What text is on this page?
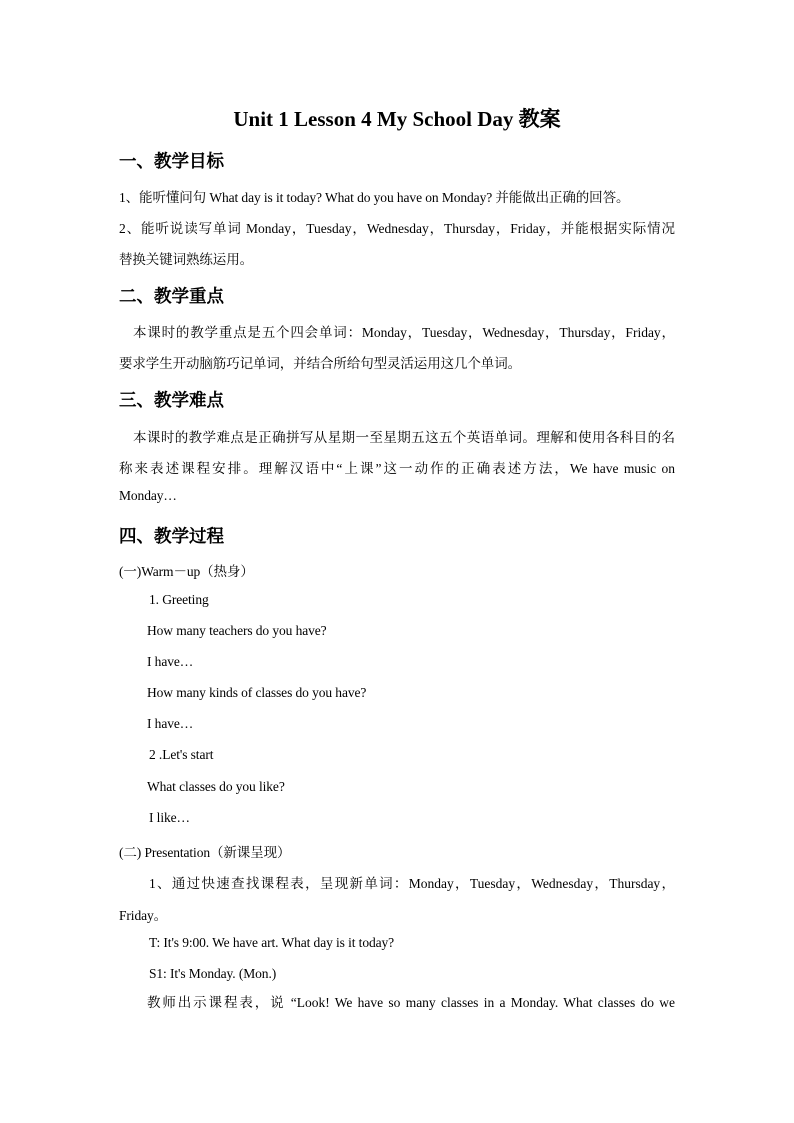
Unit 1 Lesson 4 My School Day 教案
一、教学目标
1、能听懂问句 What day is it today? What do you have on Monday? 并能做出正确的回答。
2、能听说读写单词 Monday，Tuesday，Wednesday，Thursday，Friday，并能根据实际情况
替换关键词熟练运用。
二、教学重点
本课时的教学重点是五个四会单词：Monday，Tuesday，Wednesday，Thursday，Friday，
要求学生开动脑筋巧记单词，并结合所给句型灵活运用这几个单词。
三、教学难点
本课时的教学难点是正确拼写从星期一至星期五这五个英语单词。理解和使用各科目的名
称来表述课程安排。理解汉语中“上课”这一动作的正确表述方法，We have music on
Monday…
四、教学过程
(一)Warm－up（热身）
1. Greeting
How many teachers do you have?
I have…
How many kinds of classes do you have?
I have…
2 .Let's start
What classes do you like?
I like…
(二) Presentation（新课呈现）
1、通过快速查找课程表，呈现新单词：Monday，Tuesday，Wednesday，Thursday，
Friday。
T: It's 9:00. We have art. What day is it today?
S1: It's Monday. (Mon.)
教师出示课程表，说 “Look! We have so many classes in a Monday. What classes do we
